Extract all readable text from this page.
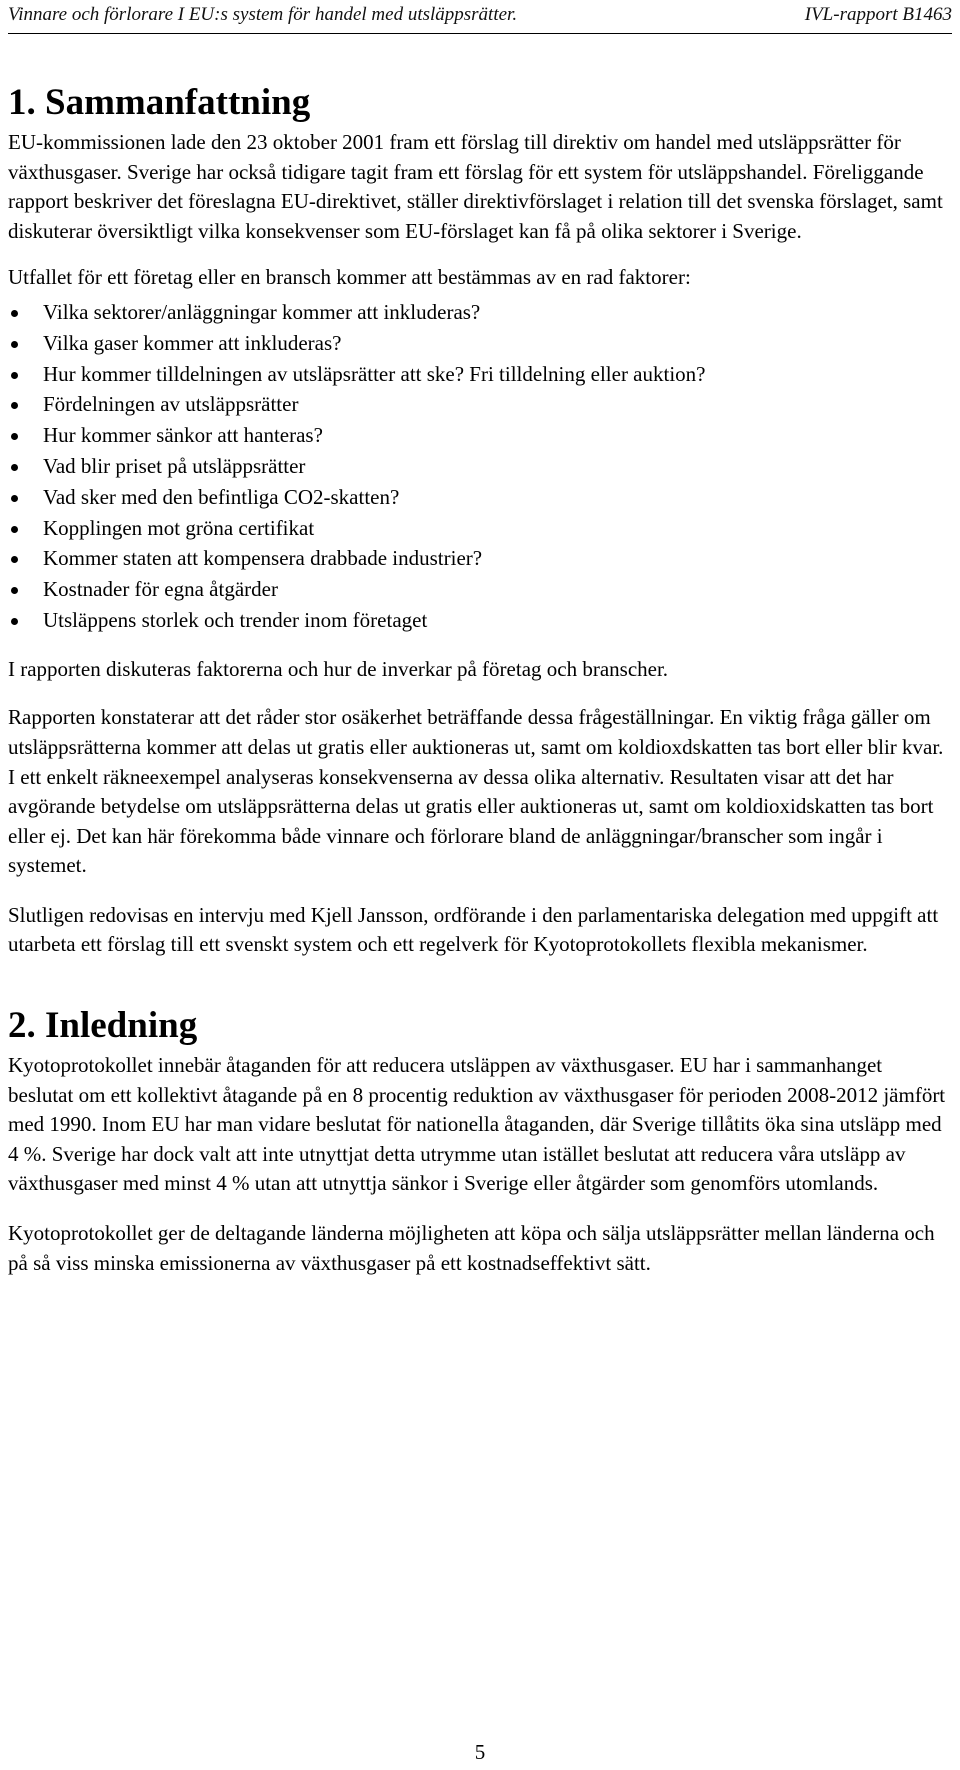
Vinnare och förlorare I EU:s system för handel med utsläppsrätter.	IVL-rapport B1463
1. Sammanfattning

EU-kommissionen lade den 23 oktober 2001 fram ett förslag till direktiv om handel med utsläppsrätter för växthusgaser. Sverige har också tidigare tagit fram ett förslag för ett system för utsläppshandel. Föreliggande rapport beskriver det föreslagna EU-direktivet, ställer direktivförslaget i relation till det svenska förslaget, samt diskuterar översiktligt vilka konsekvenser som EU-förslaget kan få på olika sektorer i Sverige.

Utfallet för ett företag eller en bransch kommer att bestämmas av en rad faktorer:

Vilka sektorer/anläggningar kommer att inkluderas?
Vilka gaser kommer att inkluderas?
Hur kommer tilldelningen av utsläpsrätter att ske? Fri tilldelning eller auktion?
Fördelningen av utsläppsrätter
Hur kommer sänkor att hanteras?
Vad blir priset på utsläppsrätter
Vad sker med den befintliga CO2-skatten?
Kopplingen mot gröna certifikat
Kommer staten att kompensera drabbade industrier?
Kostnader för egna åtgärder
Utsläppens storlek och trender inom företaget

I rapporten diskuteras faktorerna och hur de inverkar på företag och branscher.

Rapporten konstaterar att det råder stor osäkerhet beträffande dessa frågeställningar. En viktig fråga gäller om utsläppsrätterna kommer att delas ut gratis eller auktioneras ut, samt om koldioxdskatten tas bort eller blir kvar. I ett enkelt räkneexempel analyseras konsekvenserna av dessa olika alternativ. Resultaten visar att det har avgörande betydelse om utsläppsrätterna delas ut gratis eller auktioneras ut, samt om koldioxidskatten tas bort eller ej. Det kan här förekomma både vinnare och förlorare bland de anläggningar/branscher som ingår i systemet.

Slutligen redovisas en intervju med Kjell Jansson, ordförande i den parlamentariska delegation med uppgift att utarbeta ett förslag till ett svenskt system och ett regelverk för Kyotoprotokollets flexibla mekanismer.

2. Inledning

Kyotoprotokollet innebär åtaganden för att reducera utsläppen av växthusgaser. EU har i sammanhanget beslutat om ett kollektivt åtagande på en 8 procentig reduktion av växthusgaser för perioden 2008-2012 jämfört med 1990. Inom EU har man vidare beslutat för nationella åtaganden, där Sverige tillåtits öka sina utsläpp med 4 %. Sverige har dock valt att inte utnyttjat detta utrymme utan istället beslutat att reducera våra utsläpp av växthusgaser med minst 4 % utan att utnyttja sänkor i Sverige eller åtgärder som genomförs utomlands.

Kyotoprotokollet ger de deltagande länderna möjligheten att köpa och sälja utsläppsrätter mellan länderna och på så viss minska emissionerna av växthusgaser på ett kostnadseffektivt sätt.

5
